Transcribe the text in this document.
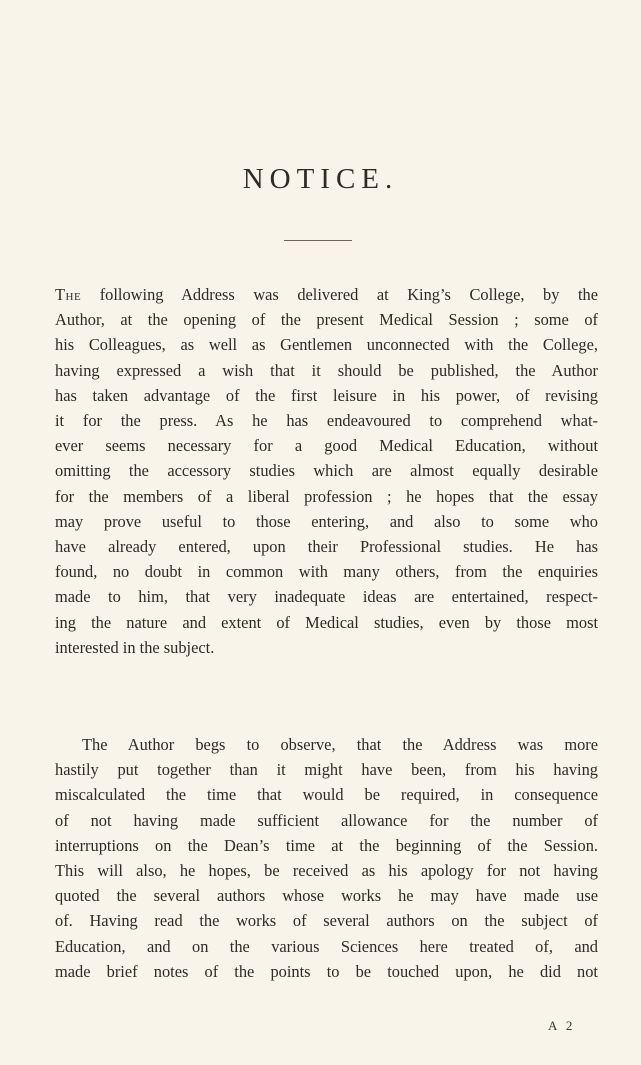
NOTICE.
The following Address was delivered at King’s College, by the
Author, at the opening of the present Medical Session ; some of
his Colleagues, as well as Gentlemen unconnected with the College,
having expressed a wish that it should be published, the Author
has taken advantage of the first leisure in his power, of revising
it for the press. As he has endeavoured to comprehend what-
ever seems necessary for a good Medical Education, without
omitting the accessory studies which are almost equally desirable
for the members of a liberal profession ; he hopes that the essay
may prove useful to those entering, and also to some who
have already entered, upon their Professional studies. He has
found, no doubt in common with many others, from the enquiries
made to him, that very inadequate ideas are entertained, respect-
ing the nature and extent of Medical studies, even by those most
interested in the subject.
The Author begs to observe, that the Address was more
hastily put together than it might have been, from his having
miscalculated the time that would be required, in consequence
of not having made sufficient allowance for the number of
interruptions on the Dean’s time at the beginning of the Session.
This will also, he hopes, be received as his apology for not having
quoted the several authors whose works he may have made use
of. Having read the works of several authors on the subject of
Education, and on the various Sciences here treated of, and
made brief notes of the points to be touched upon, he did not
A 2
